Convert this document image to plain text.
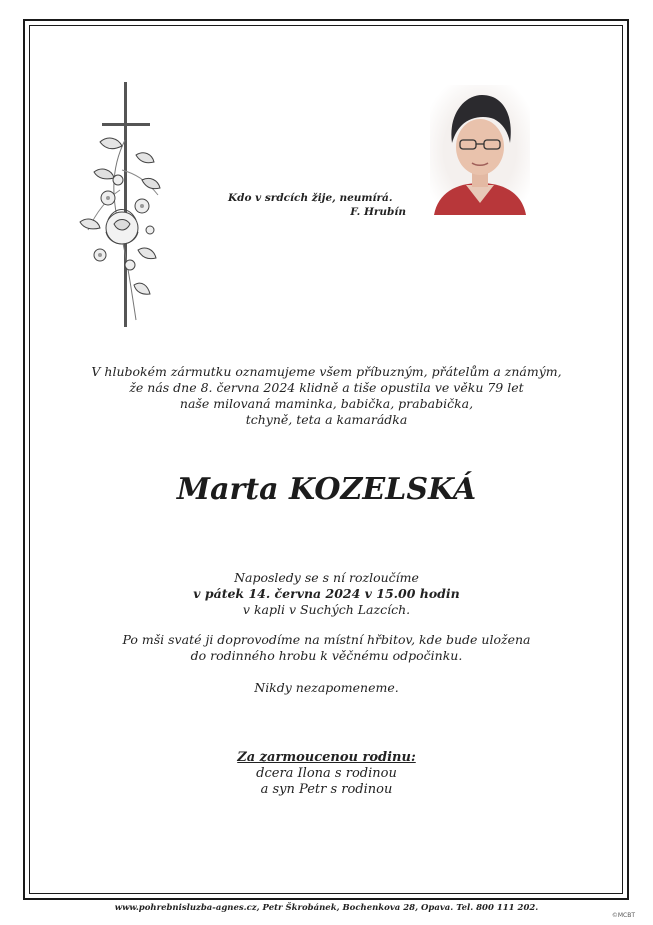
Kdo v srdcích žije, neumírá.
F. Hrubín
V hlubokém zármutku oznamujeme všem příbuzným, přátelům a známým,
že nás dne 8. června 2024 klidně a tiše opustila ve věku 79 let
naše milovaná maminka, babička, prababička,
tchyně, teta a kamarádka
Marta KOZELSKÁ
Naposledy se s ní rozloučíme
v pátek 14. června 2024 v 15.00 hodin
v kapli v Suchých Lazcích.
Po mši svaté ji doprovodíme na místní hřbitov, kde bude uložena
do rodinného hrobu k věčnému odpočinku.
Nikdy nezapomeneme.
Za zarmoucenou rodinu:
dcera Ilona s rodinou
a syn Petr s rodinou
www.pohrebnisluzba-agnes.cz, Petr Škrobánek, Bochenkova 28, Opava. Tel. 800 111 202.
©MCBT
